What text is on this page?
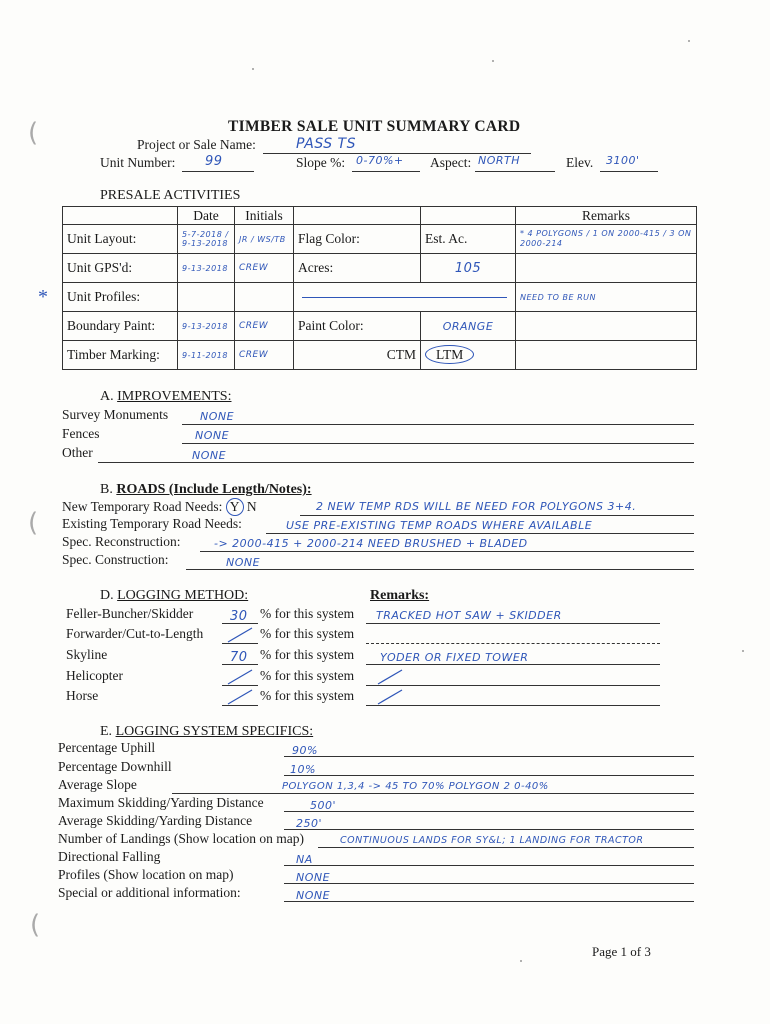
(
(
(
TIMBER SALE UNIT SUMMARY CARD
Project or Sale Name:	PASS TS
Unit Number: 99	Slope %: 0-70%+ Aspect: NORTH	Elev. 3100'
PRESALE ACTIVITIES
*
	Date	Initials			Remarks
Unit Layout:	5-7-2018 / 9-13-2018	JR / WS/TB	Flag Color:	Est. Ac.	* 4 POLYGONS / 1 ON 2000-415 / 3 ON 2000-214
Unit GPS'd:	9-13-2018	CREW	Acres:	105	
Unit Profiles:					NEED TO BE RUN
Boundary Paint:	9-13-2018	CREW	Paint Color:	ORANGE	
Timber Marking:	9-11-2018	CREW	CTM	LTM	
A. IMPROVEMENTS:
Survey Monuments	NONE
Fences	NONE
Other	NONE
B. ROADS (Include Length/Notes):
New Temporary Road Needs: Y N	2 NEW TEMP RDS WILL BE NEED FOR POLYGONS 3+4.
Existing Temporary Road Needs:	USE PRE-EXISTING TEMP ROADS WHERE AVAILABLE
Spec. Reconstruction:	-> 2000-415 + 2000-214 NEED BRUSHED + BLADED
Spec. Construction:	NONE
D. LOGGING METHOD:	Remarks:
Feller-Buncher/Skidder	30 % for this system TRACKED HOT SAW + SKIDDER
Forwarder/Cut-to-Length	% for this system
Skyline	70 % for this system YODER OR FIXED TOWER
Helicopter	% for this system
Horse	% for this system
E. LOGGING SYSTEM SPECIFICS:
Percentage Uphill	90%
Percentage Downhill	10%
Average Slope	POLYGON 1,3,4 -> 45 TO 70% POLYGON 2 0-40%
Maximum Skidding/Yarding Distance	500'
Average Skidding/Yarding Distance	250'
Number of Landings (Show location on map)	CONTINUOUS LANDS FOR SY&L; 1 LANDING FOR TRACTOR
Directional Falling	NA
Profiles (Show location on map)	NONE
Special or additional information:	NONE
Page 1 of 3
